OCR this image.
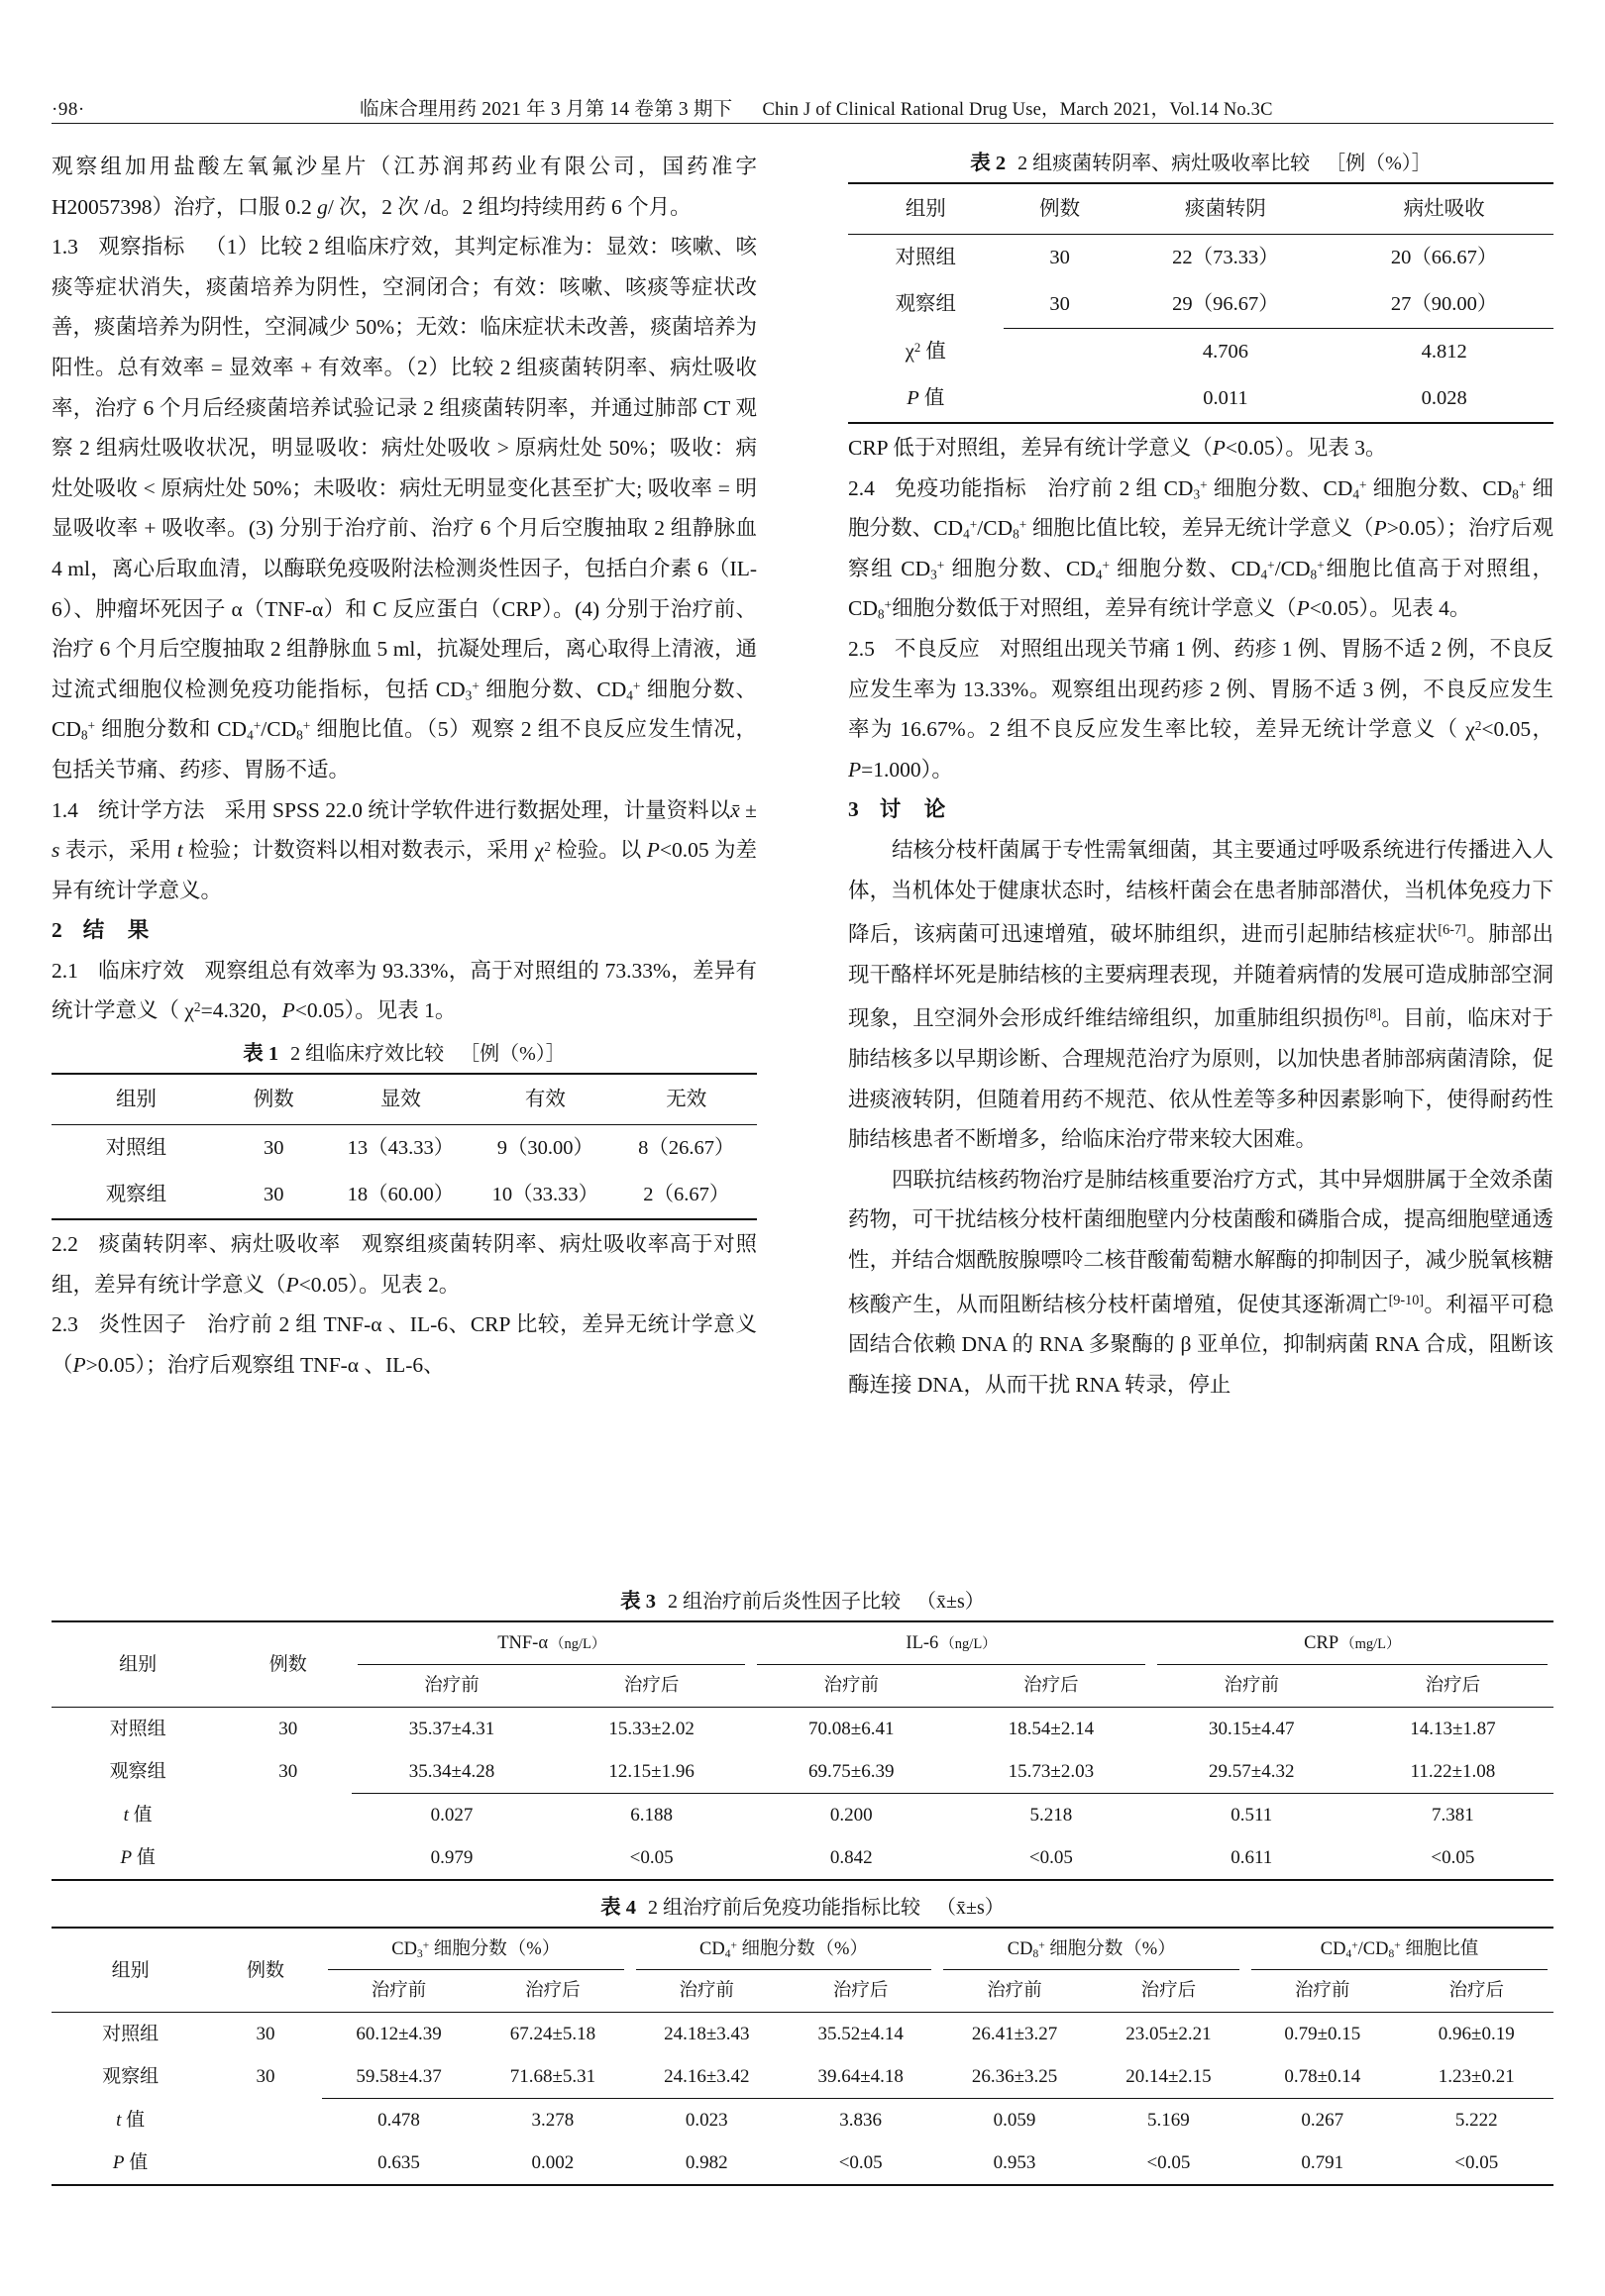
·98·	临床合理用药 2021 年 3 月第 14 卷第 3 期下 Chin J of Clinical Rational Drug Use，March 2021，Vol.14 No.3C

观察组加用盐酸左氧氟沙星片（江苏润邦药业有限公司，国药准字 H20057398）治疗，口服 0.2 g/ 次，2 次 /d。2 组均持续用药 6 个月。

1.3 观察指标 （1）比较 2 组临床疗效，其判定标准为：显效：咳嗽、咳痰等症状消失，痰菌培养为阴性，空洞闭合；有效：咳嗽、咳痰等症状改善，痰菌培养为阴性，空洞减少 50%；无效：临床症状未改善，痰菌培养为阳性。总有效率 = 显效率 + 有效率。（2）比较 2 组痰菌转阴率、病灶吸收率，治疗 6 个月后经痰菌培养试验记录 2 组痰菌转阴率，并通过肺部 CT 观察 2 组病灶吸收状况，明显吸收：病灶处吸收 > 原病灶处 50%；吸收：病灶处吸收 < 原病灶处 50%；未吸收：病灶无明显变化甚至扩大; 吸收率 = 明显吸收率 + 吸收率。(3) 分别于治疗前、治疗 6 个月后空腹抽取 2 组静脉血 4 ml，离心后取血清，以酶联免疫吸附法检测炎性因子，包括白介素 6（IL-6）、肿瘤坏死因子 α（TNF-α）和 C 反应蛋白（CRP）。(4) 分别于治疗前、治疗 6 个月后空腹抽取 2 组静脉血 5 ml，抗凝处理后，离心取得上清液，通过流式细胞仪检测免疫功能指标，包括 $CD_3^+$ 细胞分数、$CD_4^+$ 细胞分数、$CD_8^+$ 细胞分数和 $CD_4^+/CD_8^+$ 细胞比值。（5）观察 2 组不良反应发生情况，包括关节痛、药疹、胃肠不适。

1.4 统计学方法 采用 SPSS 22.0 统计学软件进行数据处理，计量资料以x̄ ± s 表示，采用 t 检验；计数资料以相对数表示，采用 $\chi^2$ 检验。以 P<0.05 为差异有统计学意义。

2 结　果

2.1 临床疗效 观察组总有效率为 93.33%，高于对照组的 73.33%，差异有统计学意义（ $\chi^2=4.320$，P<0.05）。见表 1。

表 1 2 组临床疗效比较 ［例（%）］
组别	例数	显效	有效	无效
对照组	30	13（43.33）	9（30.00）	8（26.67）
观察组	30	18（60.00）	10（33.33）	2（6.67）

2.2 痰菌转阴率、病灶吸收率 观察组痰菌转阴率、病灶吸收率高于对照组，差异有统计学意义（P<0.05）。见表 2。

2.3 炎性因子 治疗前 2 组 TNF-α 、IL-6、CRP 比较，差异无统计学意义（P>0.05）；治疗后观察组 TNF-α 、IL-6、

表 2 2 组痰菌转阴率、病灶吸收率比较 ［例（%）］
组别	例数	痰菌转阴	病灶吸收
对照组	30	22（73.33）	20（66.67）
观察组	30	29（96.67）	27（90.00）
$\chi^2$ 值		4.706	4.812
P 值		0.011	0.028

CRP 低于对照组，差异有统计学意义（P<0.05）。见表 3。

2.4 免疫功能指标 治疗前 2 组 $CD_3^+$ 细胞分数、$CD_4^+$ 细胞分数、$CD_8^+$ 细胞分数、$CD_4^+/CD_8^+$ 细胞比值比较，差异无统计学意义（P>0.05）；治疗后观察组 $CD_3^+$ 细胞分数、$CD_4^+$ 细胞分数、$CD_4^+/CD_8^+$细胞比值高于对照组，$CD_8^+$细胞分数低于对照组，差异有统计学意义（P<0.05）。见表 4。

2.5 不良反应 对照组出现关节痛 1 例、药疹 1 例、胃肠不适 2 例，不良反应发生率为 13.33%。观察组出现药疹 2 例、胃肠不适 3 例，不良反应发生率为 16.67%。2 组不良反应发生率比较，差异无统计学意义（ $\chi^2<0.05$，P=1.000）。

3 讨　论

结核分枝杆菌属于专性需氧细菌，其主要通过呼吸系统进行传播进入人体，当机体处于健康状态时，结核杆菌会在患者肺部潜伏，当机体免疫力下降后，该病菌可迅速增殖，破坏肺组织，进而引起肺结核症状[6-7]。肺部出现干酪样坏死是肺结核的主要病理表现，并随着病情的发展可造成肺部空洞现象，且空洞外会形成纤维结缔组织，加重肺组织损伤[8]。目前，临床对于肺结核多以早期诊断、合理规范治疗为原则，以加快患者肺部病菌清除，促进痰液转阴，但随着用药不规范、依从性差等多种因素影响下，使得耐药性肺结核患者不断增多，给临床治疗带来较大困难。

四联抗结核药物治疗是肺结核重要治疗方式，其中异烟肼属于全效杀菌药物，可干扰结核分枝杆菌细胞壁内分枝菌酸和磷脂合成，提高细胞壁通透性，并结合烟酰胺腺嘌呤二核苷酸葡萄糖水解酶的抑制因子，减少脱氧核糖核酸产生，从而阻断结核分枝杆菌增殖，促使其逐渐凋亡[9-10]。利福平可稳固结合依赖 DNA 的 RNA 多聚酶的 β 亚单位，抑制病菌 RNA 合成，阻断该酶连接 DNA，从而干扰 RNA 转录，停止

表 3 2 组治疗前后炎性因子比较 （x̄±s）
组别	例数	TNF-α （ng/L）		IL-6 （ng/L）		CRP （mg/L）	
		治疗前	治疗后	治疗前	治疗后	治疗前	治疗后
对照组	30	35.37±4.31	15.33±2.02	70.08±6.41	18.54±2.14	30.15±4.47	14.13±1.87
观察组	30	35.34±4.28	12.15±1.96	69.75±6.39	15.73±2.03	29.57±4.32	11.22±1.08
t 值		0.027	6.188	0.200	5.218	0.511	7.381
P 值		0.979	<0.05	0.842	<0.05	0.611	<0.05
表 4 2 组治疗前后免疫功能指标比较 （x̄±s）
组别	例数	$CD_3^+$ 细胞分数（%）		$CD_4^+$ 细胞分数（%）		$CD_8^+$ 细胞分数（%）		$CD_4^+/CD_8^+$ 细胞比值	
		治疗前	治疗后	治疗前	治疗后	治疗前	治疗后	治疗前	治疗后
对照组	30	60.12±4.39	67.24±5.18	24.18±3.43	35.52±4.14	26.41±3.27	23.05±2.21	0.79±0.15	0.96±0.19
观察组	30	59.58±4.37	71.68±5.31	24.16±3.42	39.64±4.18	26.36±3.25	20.14±2.15	0.78±0.14	1.23±0.21
t 值		0.478	3.278	0.023	3.836	0.059	5.169	0.267	5.222
P 值		0.635	0.002	0.982	<0.05	0.953	<0.05	0.791	<0.05
